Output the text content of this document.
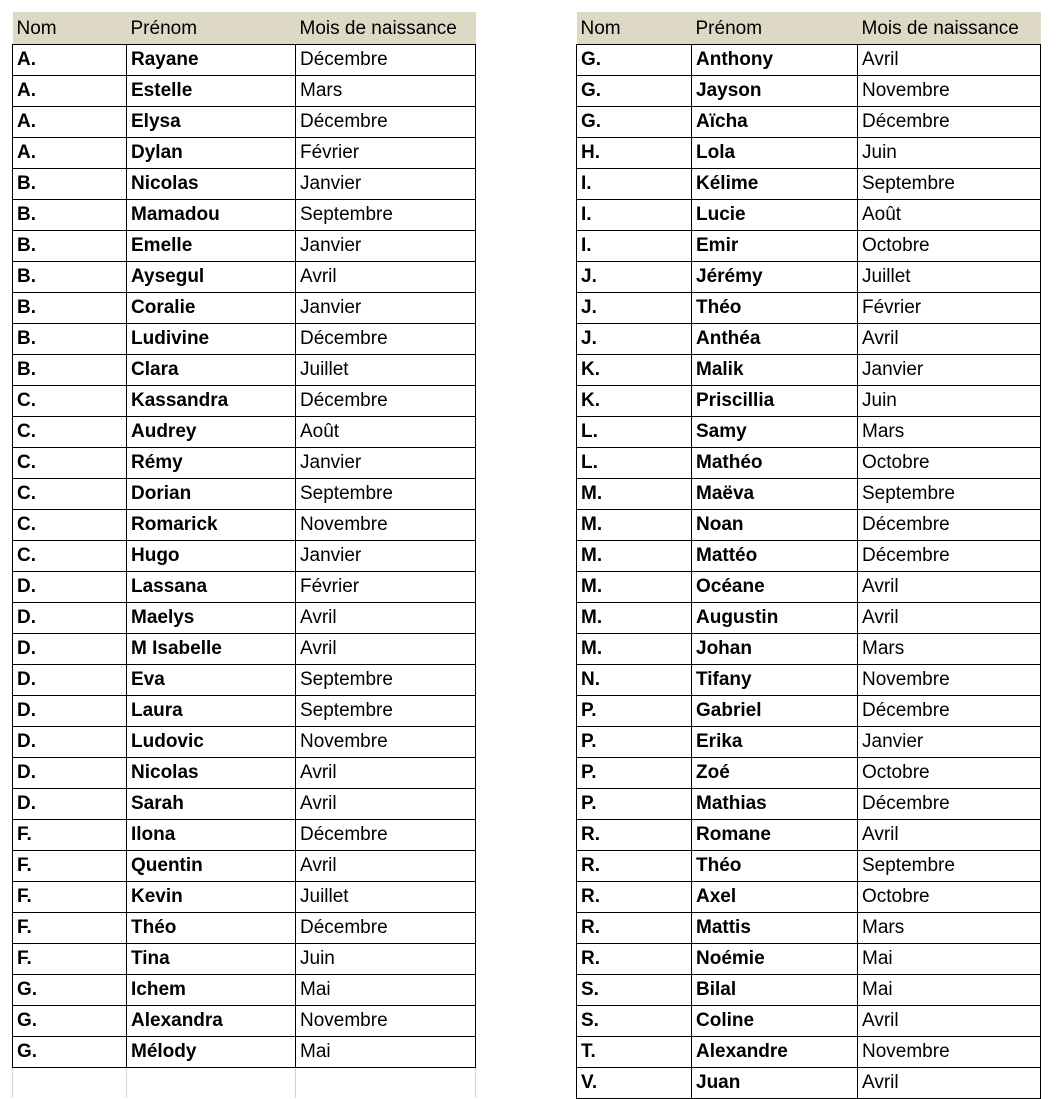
Nom	Prénom	Mois de naissance
A.	Rayane	Décembre
A.	Estelle	Mars
A.	Elysa	Décembre
A.	Dylan	Février
B.	Nicolas	Janvier
B.	Mamadou	Septembre
B.	Emelle	Janvier
B.	Aysegul	Avril
B.	Coralie	Janvier
B.	Ludivine	Décembre
B.	Clara	Juillet
C.	Kassandra	Décembre
C.	Audrey	Août
C.	Rémy	Janvier
C.	Dorian	Septembre
C.	Romarick	Novembre
C.	Hugo	Janvier
D.	Lassana	Février
D.	Maelys	Avril
D.	M Isabelle	Avril
D.	Eva	Septembre
D.	Laura	Septembre
D.	Ludovic	Novembre
D.	Nicolas	Avril
D.	Sarah	Avril
F.	Ilona	Décembre
F.	Quentin	Avril
F.	Kevin	Juillet
F.	Théo	Décembre
F.	Tina	Juin
G.	Ichem	Mai
G.	Alexandra	Novembre
G.	Mélody	Mai

Nom	Prénom	Mois de naissance
G.	Anthony	Avril
G.	Jayson	Novembre
G.	Aïcha	Décembre
H.	Lola	Juin
I.	Kélime	Septembre
I.	Lucie	Août
I.	Emir	Octobre
J.	Jérémy	Juillet
J.	Théo	Février
J.	Anthéa	Avril
K.	Malik	Janvier
K.	Priscillia	Juin
L.	Samy	Mars
L.	Mathéo	Octobre
M.	Maëva	Septembre
M.	Noan	Décembre
M.	Mattéo	Décembre
M.	Océane	Avril
M.	Augustin	Avril
M.	Johan	Mars
N.	Tifany	Novembre
P.	Gabriel	Décembre
P.	Erika	Janvier
P.	Zoé	Octobre
P.	Mathias	Décembre
R.	Romane	Avril
R.	Théo	Septembre
R.	Axel	Octobre
R.	Mattis	Mars
R.	Noémie	Mai
S.	Bilal	Mai
S.	Coline	Avril
T.	Alexandre	Novembre
V.	Juan	Avril
